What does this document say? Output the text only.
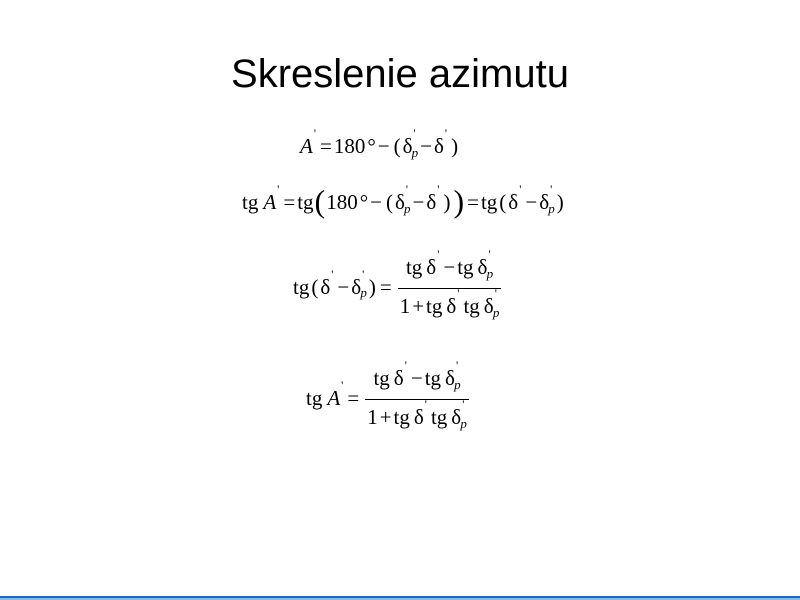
Skreslenie azimutu
A
'
= 180 ° − ( δ
'
p − δ
'
)
tg A
'
= tg ( 180 ° − ( δ
'
p − δ
'
) ) = tg ( δ
'
− δ
'
p )
tg ( δ
'
− δ
'
p ) =
tg δ
'
− tg δ
'
p
1 + tg δ
'
tg δ
'
p
tg A
'
=
tg δ
'
− tg δ
'
p
1 + tg δ
'
tg δ
'
p
